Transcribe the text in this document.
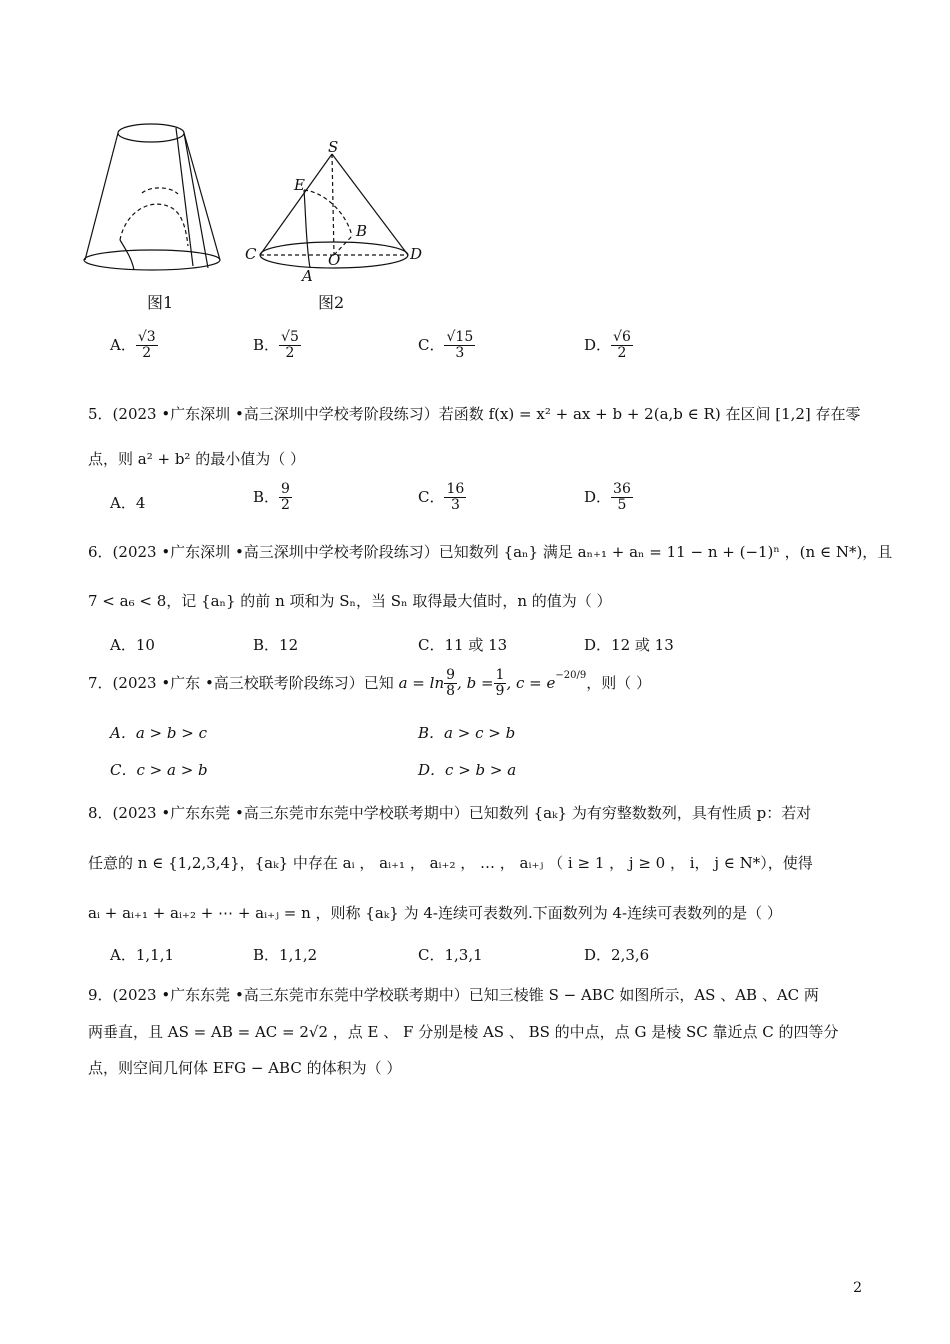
图1
S
E
B
C	O
A
D
图2
A． $\frac{√3}{2}$	B． $\frac{√5}{2}$	C． $\frac{√15}{3}$	D． $\frac{√6}{2}$
5．(2023 •广东深圳 •高三深圳中学校考阶段练习）若函数 f(x) = x² + ax + b + 2(a,b ∈ R) 在区间 [1,2] 存在零
点，则 a² + b² 的最小值为（ ）
A．4	B． $\frac{9}{2}$	C． $\frac{16}{3}$	D． $\frac{36}{5}$
6．(2023 •广东深圳 •高三深圳中学校考阶段练习）已知数列 {aₙ} 满足 aₙ₊₁ + aₙ = 11 − n + (−1)ⁿ ，(n ∈ N*)，且
7 < a₆ < 8，记 {aₙ} 的前 n 项和为 Sₙ，当 Sₙ 取得最大值时，n 的值为（ ）
A．10	B．12	C．11 或 13	D．12 或 13
7．(2023 •广东 •高三校联考阶段练习）已知 $a = \ln \frac{9}{8}$ , $b = \frac{1}{9}$ , $c = e^{-20/9}$，则（ ）
A．a > b > c	B．a > c > b
C．c > a > b	D．c > b > a
8．(2023 •广东东莞 •高三东莞市东莞中学校联考期中）已知数列 {aₖ} 为有穷整数数列，具有性质 p：若对
任意的 n ∈ {1,2,3,4}，{aₖ} 中存在 aᵢ ， aᵢ₊₁ ， aᵢ₊₂ ， … ， aᵢ₊ⱼ （ i ≥ 1 ， j ≥ 0 ， i， j ∈ N*），使得
aᵢ + aᵢ₊₁ + aᵢ₊₂ + ⋯ + aᵢ₊ⱼ = n ，则称 {aₖ} 为 4-连续可表数列.下面数列为 4-连续可表数列的是（ ）
A．1,1,1	B．1,1,2	C．1,3,1	D．2,3,6
9．(2023 •广东东莞 •高三东莞市东莞中学校联考期中）已知三棱锥 S − ABC 如图所示，AS 、AB 、AC 两
两垂直，且 AS = AB = AC = 2√2 ，点 E 、 F 分别是棱 AS 、 BS 的中点，点 G 是棱 SC 靠近点 C 的四等分
点，则空间几何体 EFG − ABC 的体积为（ ）
2
